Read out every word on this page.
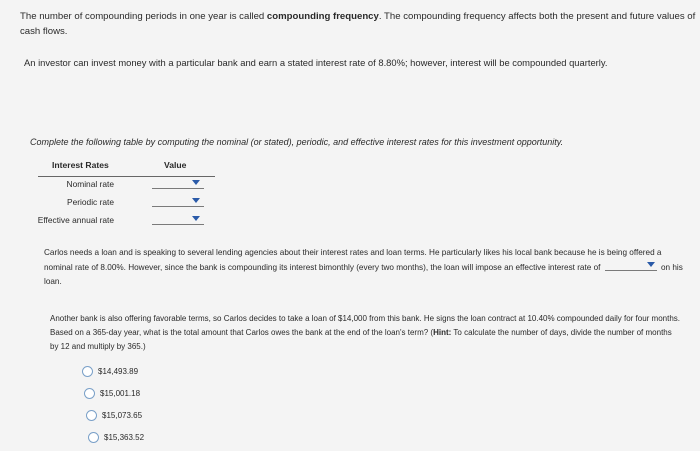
The number of compounding periods in one year is called compounding frequency. The compounding frequency affects both the present and future values of cash flows.
An investor can invest money with a particular bank and earn a stated interest rate of 8.80%; however, interest will be compounded quarterly.
Complete the following table by computing the nominal (or stated), periodic, and effective interest rates for this investment opportunity.
Interest Rates	Value
Nominal rate
Periodic rate
Effective annual rate
Carlos needs a loan and is speaking to several lending agencies about their interest rates and loan terms. He particularly likes his local bank because he is being offered a nominal rate of 8.00%. However, since the bank is compounding its interest bimonthly (every two months), the loan will impose an effective interest rate of	on his loan.
Another bank is also offering favorable terms, so Carlos decides to take a loan of $14,000 from this bank. He signs the loan contract at 10.40% compounded daily for four months. Based on a 365-day year, what is the total amount that Carlos owes the bank at the end of the loan's term? (Hint: To calculate the number of days, divide the number of months by 12 and multiply by 365.)
$14,493.89
$15,001.18
$15,073.65
$15,363.52
